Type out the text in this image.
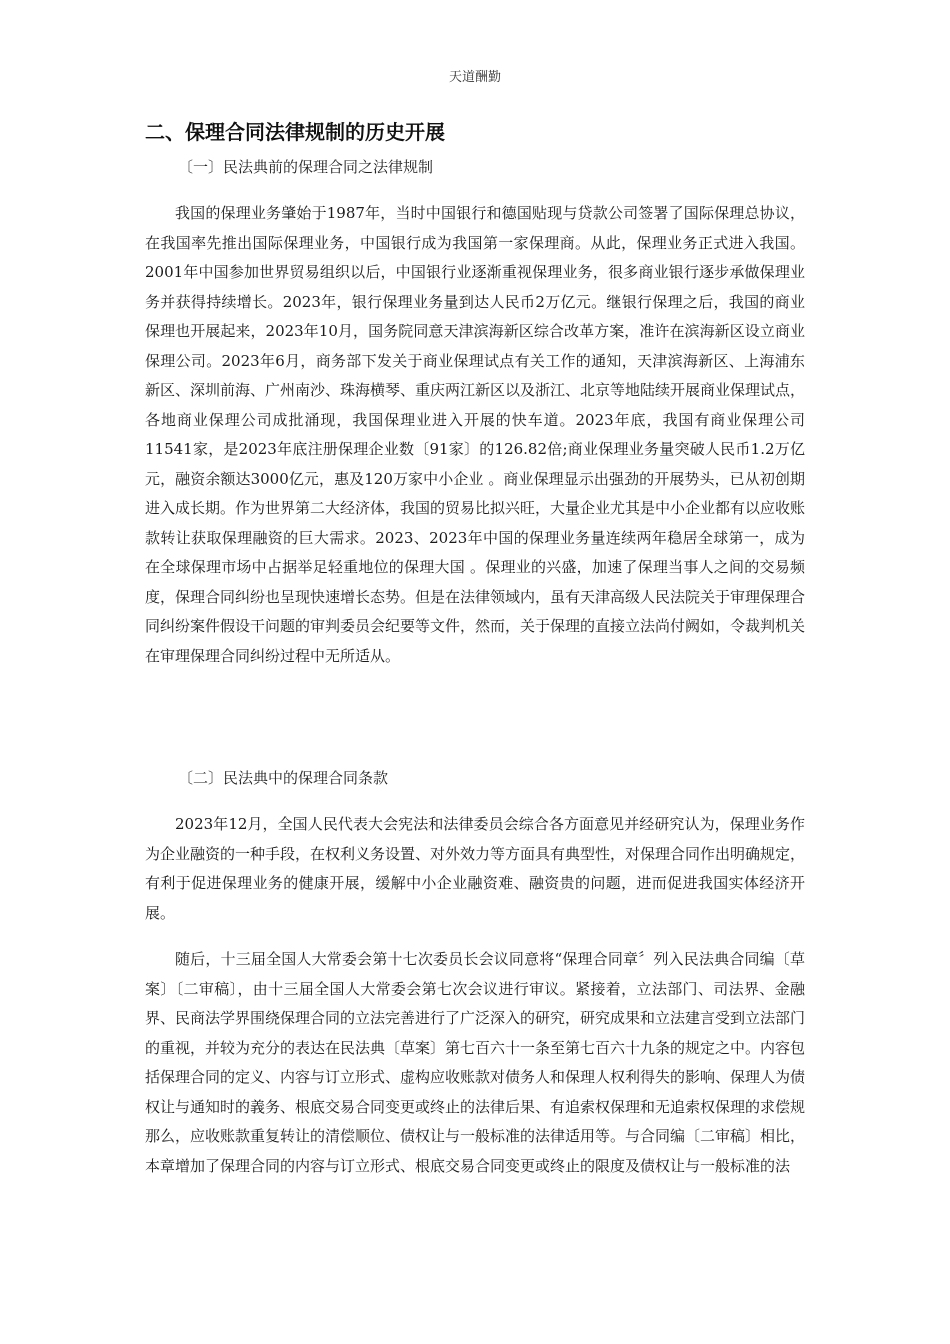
天道酬勤
二、保理合同法律规制的历史开展
〔一〕民法典前的保理合同之法律规制

我国的保理业务肇始于1987年，当时中国银行和德国贴现与贷款公司签署了国际保理总协议，在我国率先推出国际保理业务，中国银行成为我国第一家保理商。从此，保理业务正式进入我国。2001年中国参加世界贸易组织以后，中国银行业逐渐重视保理业务，很多商业银行逐步承做保理业务并获得持续增长。2023年，银行保理业务量到达人民币2万亿元。继银行保理之后，我国的商业保理也开展起来，2023年10月，国务院同意天津滨海新区综合改革方案，准许在滨海新区设立商业保理公司。2023年6月，商务部下发关于商业保理试点有关工作的通知，天津滨海新区、上海浦东新区、深圳前海、广州南沙、珠海横琴、重庆两江新区以及浙江、北京等地陆续开展商业保理试点，各地商业保理公司成批涌现，我国保理业进入开展的快车道。2023年底，我国有商业保理公司11541家，是2023年底注册保理企业数〔91家〕的126.82倍;商业保理业务量突破人民币1.2万亿元，融资余额达3000亿元，惠及120万家中小企业 。商业保理显示出强劲的开展势头，已从初创期进入成长期。作为世界第二大经济体，我国的贸易比拟兴旺，大量企业尤其是中小企业都有以应收账款转让获取保理融资的巨大需求。2023、2023年中国的保理业务量连续两年稳居全球第一，成为在全球保理市场中占据举足轻重地位的保理大国 。保理业的兴盛，加速了保理当事人之间的交易频度，保理合同纠纷也呈现快速增长态势。但是在法律领域内，虽有天津高级人民法院关于审理保理合同纠纷案件假设干问题的审判委员会纪要等文件，然而，关于保理的直接立法尚付阙如，令裁判机关在审理保理合同纠纷过程中无所适从。

〔二〕民法典中的保理合同条款

2023年12月，全国人民代表大会宪法和法律委员会综合各方面意见并经研究认为，保理业务作为企业融资的一种手段，在权利义务设置、对外效力等方面具有典型性，对保理合同作出明确规定，有利于促进保理业务的健康开展，缓解中小企业融资难、融资贵的问题，进而促进我国实体经济开展。

随后，十三届全国人大常委会第十七次委员长会议同意将“保理合同章〞列入民法典合同编〔草案〕〔二审稿〕，由十三届全国人大常委会第七次会议进行审议。紧接着，立法部门、司法界、金融界、民商法学界围绕保理合同的立法完善进行了广泛深入的研究，研究成果和立法建言受到立法部门的重视，并较为充分的表达在民法典〔草案〕第七百六十一条至第七百六十九条的规定之中。内容包括保理合同的定义、内容与订立形式、虚构应收账款对债务人和保理人权利得失的影响、保理人为债权让与通知时的義务、根底交易合同变更或终止的法律后果、有追索权保理和无追索权保理的求偿规那么，应收账款重复转让的清偿顺位、债权让与一般标准的法律适用等。与合同编〔二审稿〕相比，本章增加了保理合同的内容与订立形式、根底交易合同变更或终止的限度及债权让与一般标准的法
